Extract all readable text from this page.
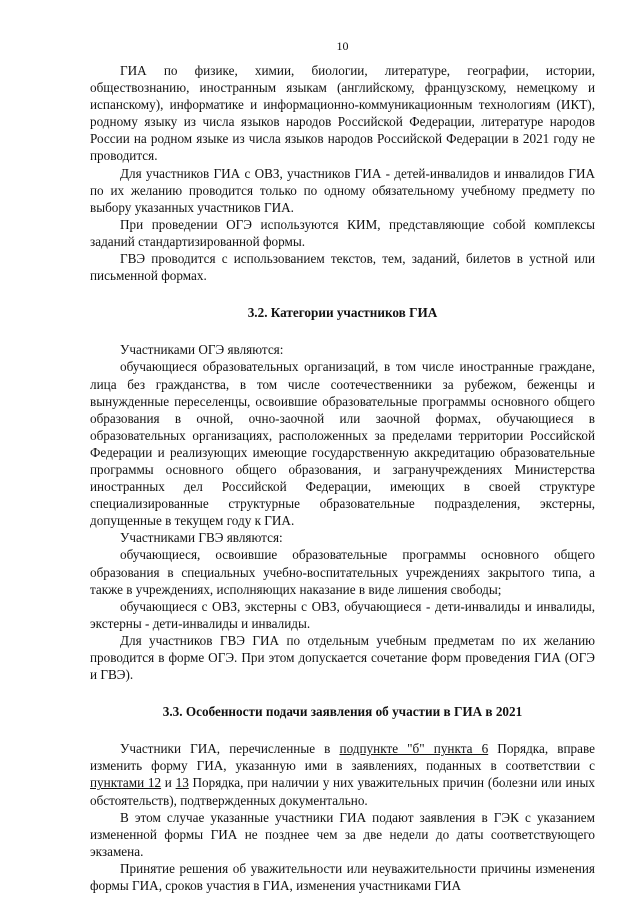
10

ГИА по физике, химии, биологии, литературе, географии, истории, обществознанию, иностранным языкам (английскому, французскому, немецкому и испанскому), информатике и информационно-коммуникационным технологиям (ИКТ), родному языку из числа языков народов Российской Федерации, литературе народов России на родном языке из числа языков народов Российской Федерации в 2021 году не проводится.

Для участников ГИА с ОВЗ, участников ГИА - детей-инвалидов и инвалидов ГИА по их желанию проводится только по одному обязательному учебному предмету по выбору указанных участников ГИА.

При проведении ОГЭ используются КИМ, представляющие собой комплексы заданий стандартизированной формы.

ГВЭ проводится с использованием текстов, тем, заданий, билетов в устной или письменной формах.

3.2. Категории участников ГИА

Участниками ОГЭ являются:

обучающиеся образовательных организаций, в том числе иностранные граждане, лица без гражданства, в том числе соотечественники за рубежом, беженцы и вынужденные переселенцы, освоившие образовательные программы основного общего образования в очной, очно-заочной или заочной формах, обучающиеся в образовательных организациях, расположенных за пределами территории Российской Федерации и реализующих имеющие государственную аккредитацию образовательные программы основного общего образования, и загранучреждениях Министерства иностранных дел Российской Федерации, имеющих в своей структуре специализированные структурные образовательные подразделения, экстерны, допущенные в текущем году к ГИА.

Участниками ГВЭ являются:

обучающиеся, освоившие образовательные программы основного общего образования в специальных учебно-воспитательных учреждениях закрытого типа, а также в учреждениях, исполняющих наказание в виде лишения свободы;

обучающиеся с ОВЗ, экстерны с ОВЗ, обучающиеся - дети-инвалиды и инвалиды, экстерны - дети-инвалиды и инвалиды.

Для участников ГВЭ ГИА по отдельным учебным предметам по их желанию проводится в форме ОГЭ. При этом допускается сочетание форм проведения ГИА (ОГЭ и ГВЭ).

3.3. Особенности подачи заявления об участии в ГИА в 2021

Участники ГИА, перечисленные в подпункте "б" пункта 6 Порядка, вправе изменить форму ГИА, указанную ими в заявлениях, поданных в соответствии с пунктами 12 и 13 Порядка, при наличии у них уважительных причин (болезни или иных обстоятельств), подтвержденных документально.

В этом случае указанные участники ГИА подают заявления в ГЭК с указанием измененной формы ГИА не позднее чем за две недели до даты соответствующего экзамена.

Принятие решения об уважительности или неуважительности причины изменения формы ГИА, сроков участия в ГИА, изменения участниками ГИА
